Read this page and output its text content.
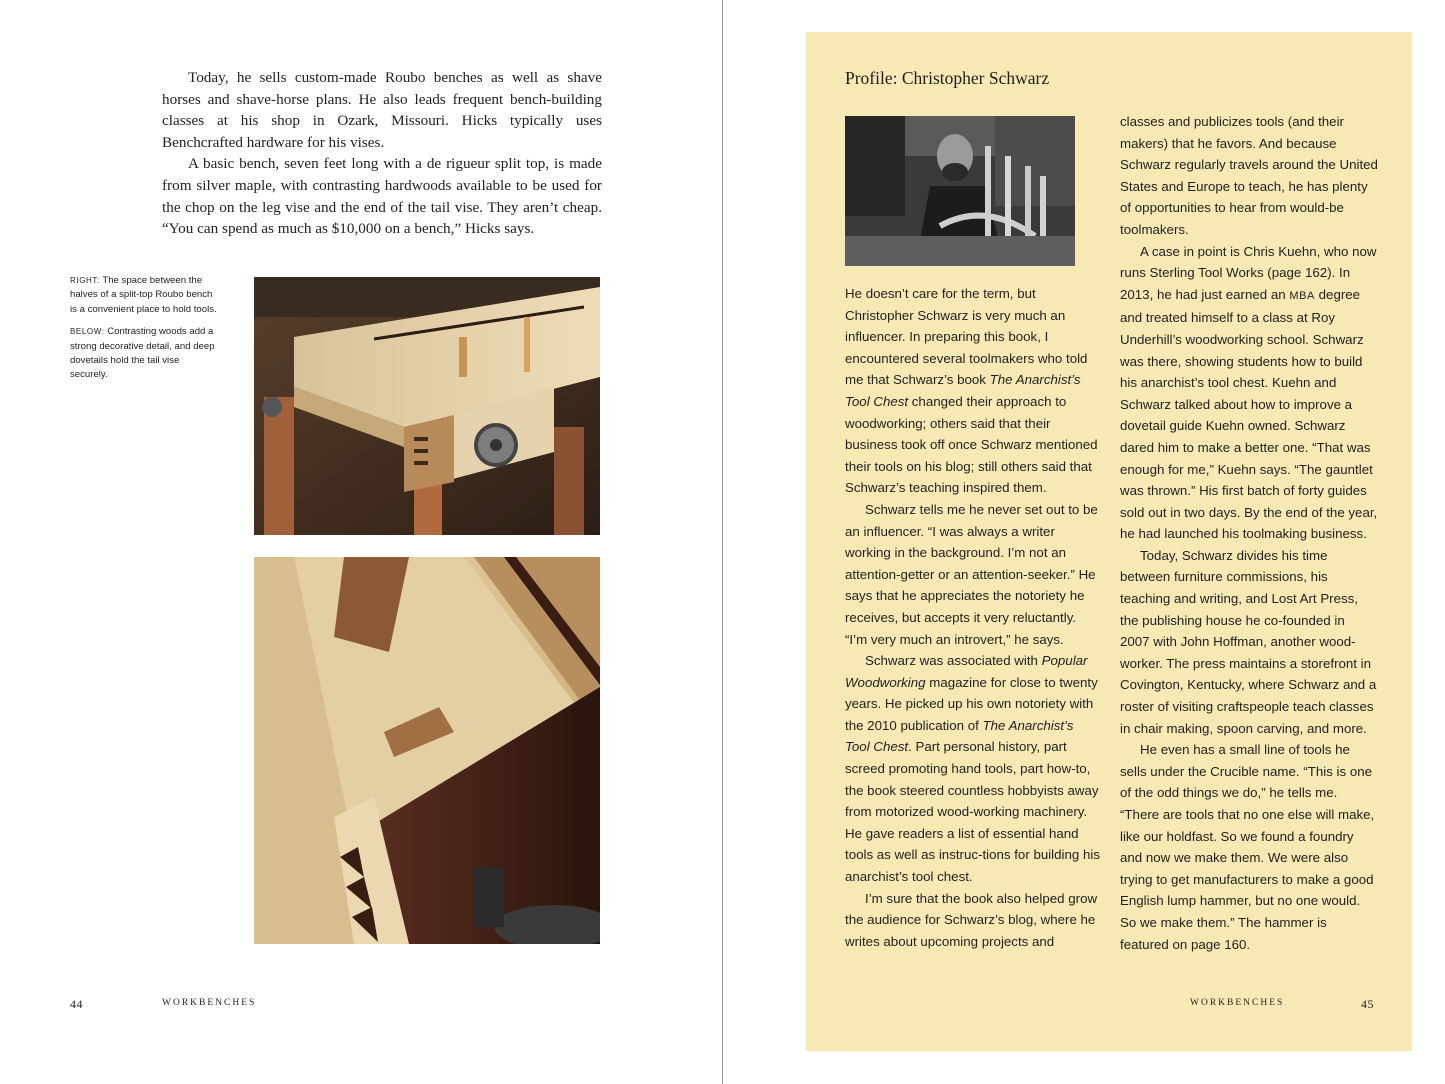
Today, he sells custom-made Roubo benches as well as shave horses and shave-horse plans. He also leads frequent bench-building classes at his shop in Ozark, Missouri. Hicks typically uses Benchcrafted hardware for his vises.

A basic bench, seven feet long with a de rigueur split top, is made from silver maple, with contrasting hardwoods available to be used for the chop on the leg vise and the end of the tail vise. They aren’t cheap. “You can spend as much as $10,000 on a bench,” Hicks says.

RIGHT: The space between the halves of a split-top Roubo bench is a convenient place to hold tools.

BELOW: Contrasting woods add a strong decorative detail, and deep dovetails hold the tail vise securely.

44	WORKBENCHES
Profile: Christopher Schwarz

He doesn’t care for the term, but Christopher Schwarz is very much an influencer. In preparing this book, I encountered several toolmakers who told me that Schwarz’s book The Anarchist’s Tool Chest changed their approach to woodworking; others said that their business took off once Schwarz mentioned their tools on his blog; still others said that Schwarz’s teaching inspired them.

Schwarz tells me he never set out to be an influencer. “I was always a writer working in the background. I’m not an attention-getter or an attention-seeker.” He says that he appreciates the notoriety he receives, but accepts it very reluctantly. “I’m very much an introvert,” he says.

Schwarz was associated with Popular Woodworking magazine for close to twenty years. He picked up his own notoriety with the 2010 publication of The Anarchist’s Tool Chest. Part personal history, part screed promoting hand tools, part how-to, the book steered countless hobbyists away from motorized wood-working machinery. He gave readers a list of essential hand tools as well as instruc-tions for building his anarchist’s tool chest.

I’m sure that the book also helped grow the audience for Schwarz’s blog, where he writes about upcoming projects and

classes and publicizes tools (and their makers) that he favors. And because Schwarz regularly travels around the United States and Europe to teach, he has plenty of opportunities to hear from would-be toolmakers.

A case in point is Chris Kuehn, who now runs Sterling Tool Works (page 162). In 2013, he had just earned an MBA degree and treated himself to a class at Roy Underhill’s woodworking school. Schwarz was there, showing students how to build his anarchist’s tool chest. Kuehn and Schwarz talked about how to improve a dovetail guide Kuehn owned. Schwarz dared him to make a better one. “That was enough for me,” Kuehn says. “The gauntlet was thrown.” His first batch of forty guides sold out in two days. By the end of the year, he had launched his toolmaking business.

Today, Schwarz divides his time between furniture commissions, his teaching and writing, and Lost Art Press, the publishing house he co-founded in 2007 with John Hoffman, another wood-worker. The press maintains a storefront in Covington, Kentucky, where Schwarz and a roster of visiting craftspeople teach classes in chair making, spoon carving, and more.

He even has a small line of tools he sells under the Crucible name. “This is one of the odd things we do,” he tells me. “There are tools that no one else will make, like our holdfast. So we found a foundry and now we make them. We were also trying to get manufacturers to make a good English lump hammer, but no one would. So we make them.” The hammer is featured on page 160.

WORKBENCHES	45
